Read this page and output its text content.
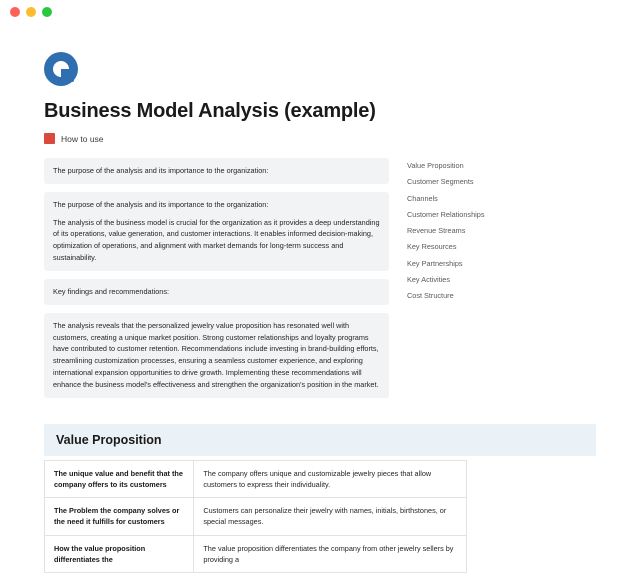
Business Model Analysis (example)
How to use

The purpose of the analysis and its importance to the organization:

The purpose of the analysis and its importance to the organization:

The analysis of the business model is crucial for the organization as it provides a deep understanding of its operations, value generation, and customer interactions. It enables informed decision-making, optimization of operations, and alignment with market demands for long-term success and sustainability.

Key findings and recommendations:

The analysis reveals that the personalized jewelry value proposition has resonated well with customers, creating a unique market position. Strong customer relationships and loyalty programs have contributed to customer retention. Recommendations include investing in brand-building efforts, streamlining customization processes, ensuring a seamless customer experience, and exploring international expansion opportunities to drive growth. Implementing these recommendations will enhance the business model's effectiveness and strengthen the organization's position in the market.

Value Proposition
Customer Segments
Channels
Customer Relationships
Revenue Streams
Key Resources
Key Partnerships
Key Activities
Cost Structure
Value Proposition
The unique value and benefit that the company offers to its customers	The company offers unique and customizable jewelry pieces that allow customers to express their individuality.	
The Problem the company solves or the need it fulfills for customers	Customers can personalize their jewelry with names, initials, birthstones, or special messages.	
How the value proposition differentiates the	The value proposition differentiates the company from other jewelry sellers by providing a	
